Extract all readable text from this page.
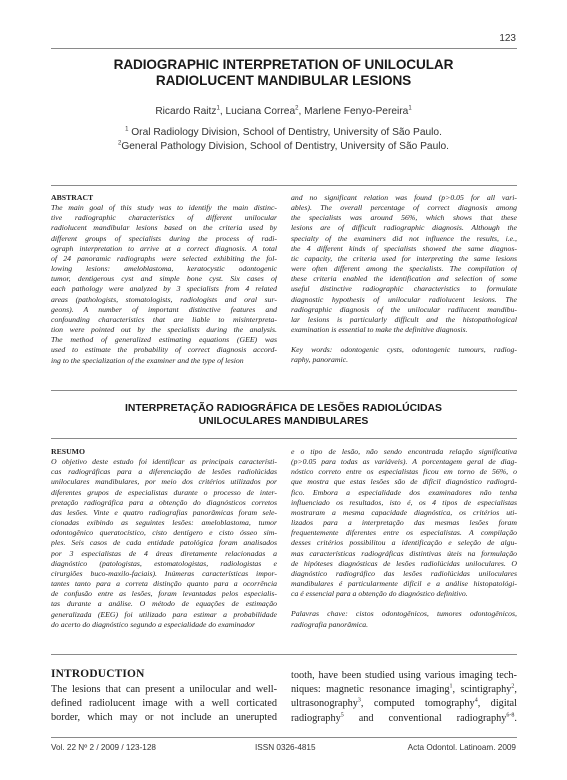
123
RADIOGRAPHIC INTERPRETATION OF UNILOCULAR
RADIOLUCENT MANDIBULAR LESIONS
Ricardo Raitz$^1$, Luciana Correa$^2$, Marlene Fenyo-Pereira$^1$
$^1$ Oral Radiology Division, School of Dentistry, University of São Paulo.
$^2$General Pathology Division, School of Dentistry, University of São Paulo.
ABSTRACT
The main goal of this study was to identify the main distinc-
tive radiographic characteristics of different unilocular
radiolucent mandibular lesions based on the criteria used by
different groups of specialists during the process of radi-
ograph interpretation to arrive at a correct diagnosis. A total
of 24 panoramic radiographs were selected exhibiting the fol-
lowing lesions: ameloblastoma, keratocystic odontogenic
tumor, dentigerous cyst and simple bone cyst. Six cases of
each pathology were analyzed by 3 specialists from 4 related
areas (pathologists, stomatologists, radiologists and oral sur-
geons). A number of important distinctive features and
confounding characteristics that are liable to misinterpreta-
tion were pointed out by the specialists during the analysis.
The method of generalized estimating equations (GEE) was
used to estimate the probability of correct diagnosis accord-
ing to the specialization of the examiner and the type of lesion
and no significant relation was found (p>0.05 for all vari-
ables). The overall percentage of correct diagnosis among
the specialists was around 56%, which shows that these
lesions are of difficult radiographic diagnosis. Although the
specialty of the examiners did not influence the results, i.e.,
the 4 different kinds of specialists showed the same diagnos-
tic capacity, the criteria used for interpreting the same lesions
were often different among the specialists. The compilation of
these criteria enabled the identification and selection of some
useful distinctive radiographic characteristics to formulate
diagnostic hypothesis of unilocular radiolucent lesions. The
radiographic diagnosis of the unilocular radilucent mandibu-
lar lesions is particularly difficult and the histopathological
examination is essential to make the definitive diagnosis.
Key words: odontogenic cysts, odontogenic tumours, radiog-
raphy, panoramic.
INTERPRETAÇÃO RADIOGRÁFICA DE LESÕES RADIOLÚCIDAS
UNILOCULARES MANDIBULARES
RESUMO
O objetivo deste estudo foi identificar as principais característi-
cas radiográficas para a diferenciação de lesões radiolúcidas
uniloculares mandibulares, por meio dos critérios utilizados por
diferentes grupos de especialistas durante o processo de inter-
pretação radiográfica para a obtenção do diagnósticos corretos
das lesões. Vinte e quatro radiografias panorâmicas foram sele-
cionadas exibindo as seguintes lesões: ameloblastoma, tumor
odontogênico queratocístico, cisto dentígero e cisto ósseo sim-
ples. Seis casos de cada entidade patológica foram analisados
por 3 especialistas de 4 áreas diretamente relacionadas a
diagnóstico (patologistas, estomatologistas, radiologistas e
cirurgiões buco-maxilo-faciais). Inúmeras características impor-
tantes tanto para a correta distinção quanto para a ocorrência
de confusão entre as lesões, foram levantadas pelos especialis-
tas durante a análise. O método de equações de estimação
generalizada (EEG) foi utilizado para estimar a probabilidade
do acerto do diagnóstico segundo a especialidade do examinador
e o tipo de lesão, não sendo encontrada relação significativa
(p>0.05 para todas as variáveis). A porcentagem geral de diag-
nóstico correto entre os especialistas ficou em torno de 56%, o
que mostra que estas lesões são de difícil diagnóstico radiográ-
fico. Embora a especialidade dos examinadores não tenha
influenciado os resultados, isto é, os 4 tipos de especialistas
mostraram a mesma capacidade diagnóstica, os critérios uti-
lizados para a interpretação das mesmas lesões foram
frequentemente diferentes entre os especialistas. A compilação
desses critérios possibilitou a identificação e seleção de algu-
mas características radiográficas distintivas úteis na formulação
de hipóteses diagnósticas de lesões radiolúcidas uniloculares. O
diagnóstico radiográfico das lesões radiolúcidas uniloculares
mandibulares é particularmente difícil e a análise histopatológi-
ca é essencial para a obtenção do diagnóstico definitivo.
Palavras chave: cistos odontogênicos, tumores odontogênicos,
radiografia panorâmica.
INTRODUCTION
The lesions that can present a unilocular and well-
defined radiolucent image with a well corticated
border, which may or not include an unerupted
tooth, have been studied using various imaging tech-
niques: magnetic resonance imaging$^1$, scintigraphy$^2$,
ultrasonography$^3$, computed tomography$^4$, digital
radiography$^5$ and conventional radiography$^{6-8}$.
Vol. 22 Nº 2 / 2009 / 123-128	ISSN 0326-4815	Acta Odontol. Latinoam. 2009
